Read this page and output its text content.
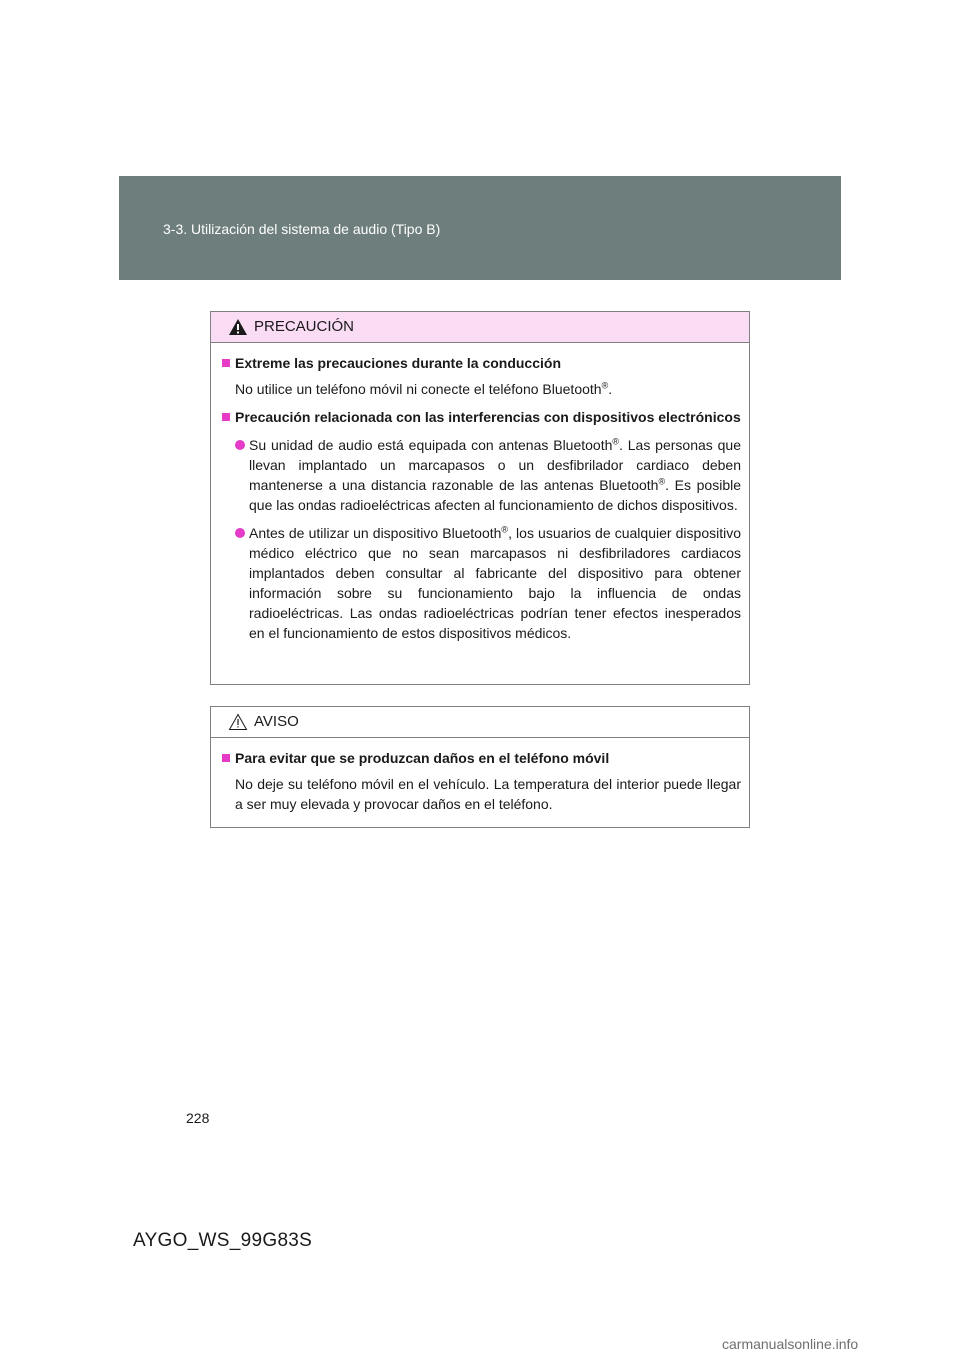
3-3. Utilización del sistema de audio (Tipo B)
PRECAUCIÓN
Extreme las precauciones durante la conducción
No utilice un teléfono móvil ni conecte el teléfono Bluetooth®.
Precaución relacionada con las interferencias con dispositivos electrónicos
Su unidad de audio está equipada con antenas Bluetooth®. Las personas que llevan implantado un marcapasos o un desfibrilador cardiaco deben mantenerse a una distancia razonable de las antenas Bluetooth®. Es posible que las ondas radioeléctricas afecten al funcionamiento de dichos dispositivos.
Antes de utilizar un dispositivo Bluetooth®, los usuarios de cualquier dispositivo médico eléctrico que no sean marcapasos ni desfibriladores cardiacos implantados deben consultar al fabricante del dispositivo para obtener información sobre su funcionamiento bajo la influencia de ondas radioeléctricas. Las ondas radioeléctricas podrían tener efectos inesperados en el funcionamiento de estos dispositivos médicos.
AVISO
Para evitar que se produzcan daños en el teléfono móvil
No deje su teléfono móvil en el vehículo. La temperatura del interior puede llegar a ser muy elevada y provocar daños en el teléfono.
228
AYGO_WS_99G83S
carmanualsonline.info
